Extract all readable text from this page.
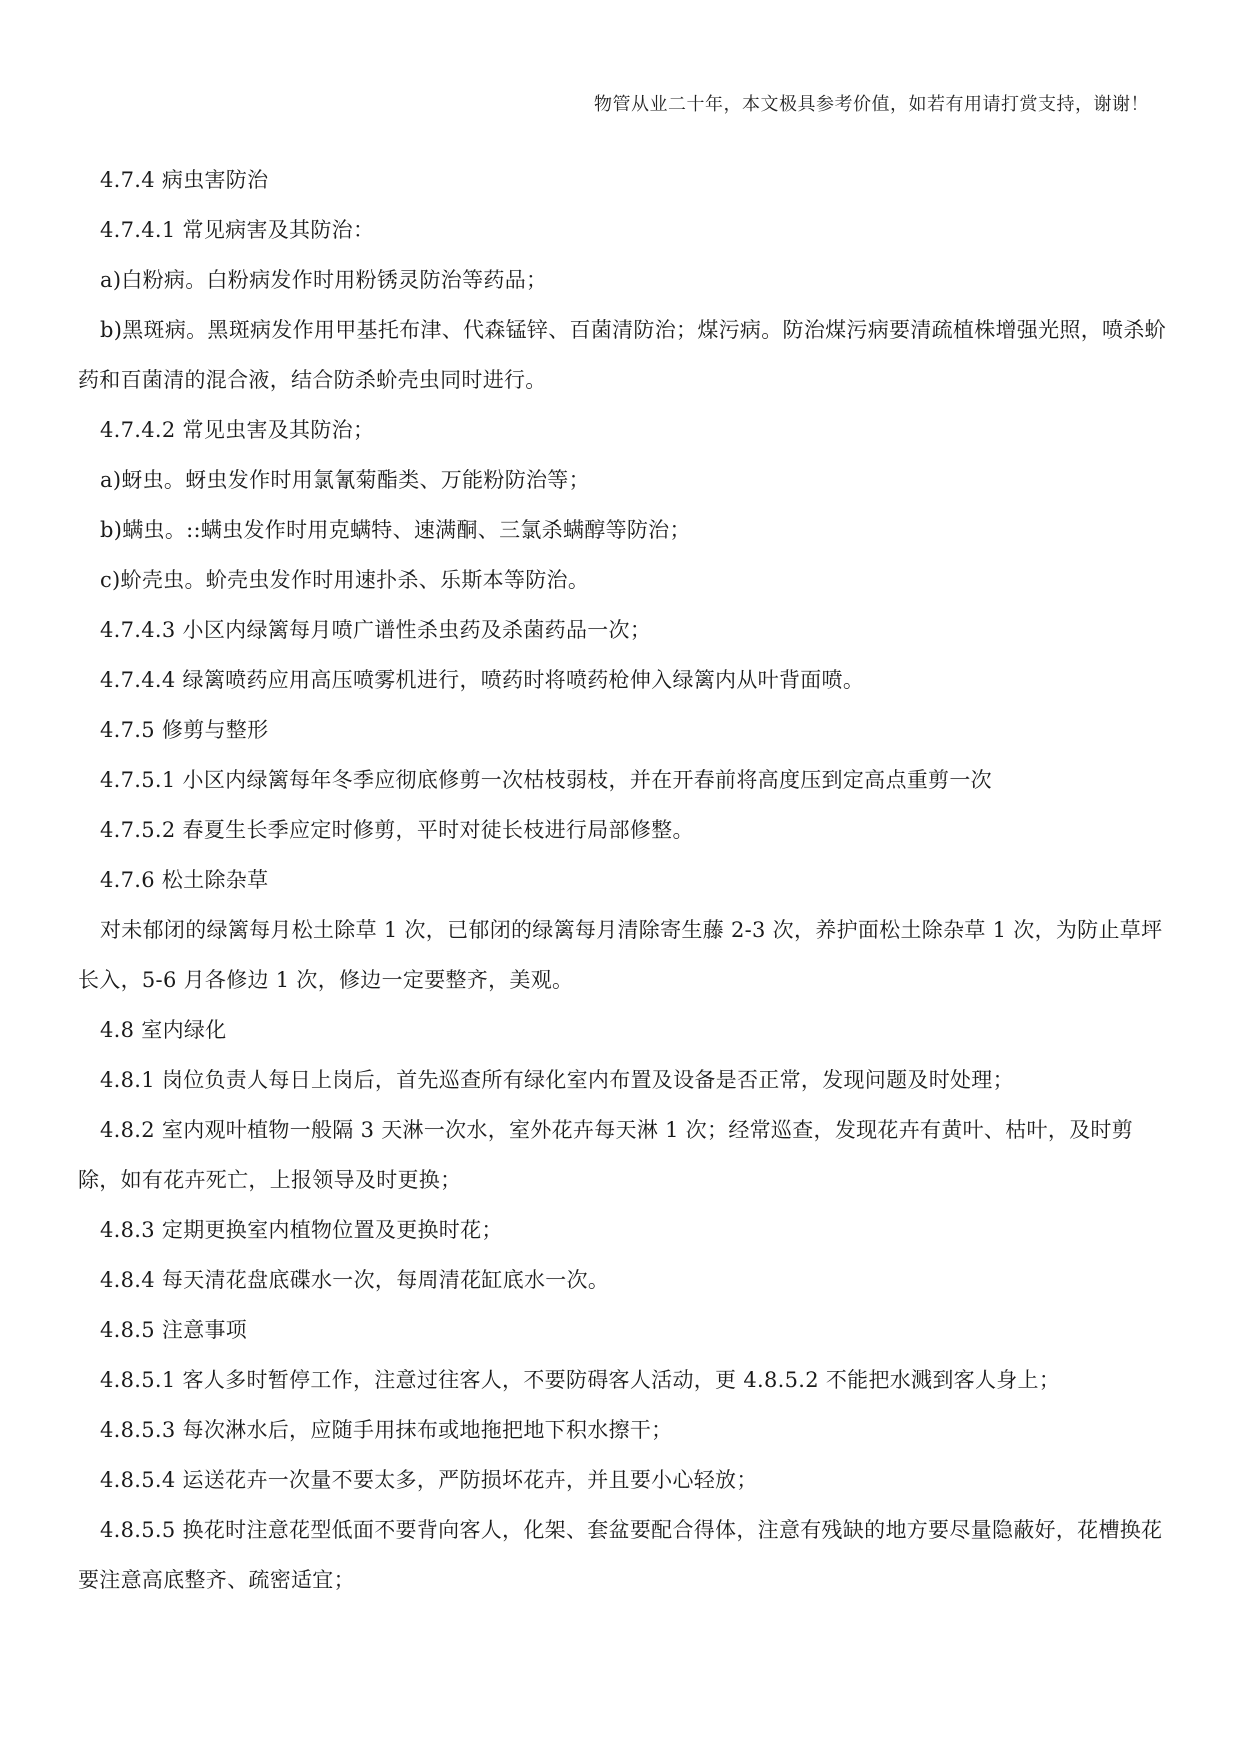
物管从业二十年，本文极具参考价值，如若有用请打赏支持，谢谢！

4.7.4 病虫害防治

4.7.4.1 常见病害及其防治：

a)白粉病。白粉病发作时用粉锈灵防治等药品；

b)黑斑病。黑斑病发作用甲基托布津、代森锰锌、百菌清防治；煤污病。防治煤污病要清疏植株增强光照，喷杀蚧药和百菌清的混合液，结合防杀蚧壳虫同时进行。

4.7.4.2 常见虫害及其防治；

a)蚜虫。蚜虫发作时用氯氰菊酯类、万能粉防治等；

b)螨虫。::螨虫发作时用克螨特、速满酮、三氯杀螨醇等防治；

c)蚧壳虫。蚧壳虫发作时用速扑杀、乐斯本等防治。

4.7.4.3 小区内绿篱每月喷广谱性杀虫药及杀菌药品一次；

4.7.4.4 绿篱喷药应用高压喷雾机进行，喷药时将喷药枪伸入绿篱内从叶背面喷。

4.7.5 修剪与整形

4.7.5.1 小区内绿篱每年冬季应彻底修剪一次枯枝弱枝，并在开春前将高度压到定高点重剪一次

4.7.5.2 春夏生长季应定时修剪，平时对徒长枝进行局部修整。

4.7.6 松土除杂草

对未郁闭的绿篱每月松土除草 1 次，已郁闭的绿篱每月清除寄生藤 2-3 次，养护面松土除杂草 1 次，为防止草坪长入，5-6 月各修边 1 次，修边一定要整齐，美观。

4.8 室内绿化

4.8.1 岗位负责人每日上岗后，首先巡查所有绿化室内布置及设备是否正常，发现问题及时处理；

4.8.2 室内观叶植物一般隔 3 天淋一次水，室外花卉每天淋 1 次；经常巡查，发现花卉有黄叶、枯叶，及时剪除，如有花卉死亡，上报领导及时更换；

4.8.3 定期更换室内植物位置及更换时花；

4.8.4 每天清花盘底碟水一次，每周清花缸底水一次。

4.8.5 注意事项

4.8.5.1 客人多时暂停工作，注意过往客人，不要防碍客人活动，更 4.8.5.2 不能把水溅到客人身上；

4.8.5.3 每次淋水后，应随手用抹布或地拖把地下积水擦干；

4.8.5.4 运送花卉一次量不要太多，严防损坏花卉，并且要小心轻放；

4.8.5.5 换花时注意花型低面不要背向客人，化架、套盆要配合得体，注意有残缺的地方要尽量隐蔽好，花槽换花要注意高底整齐、疏密适宜；
